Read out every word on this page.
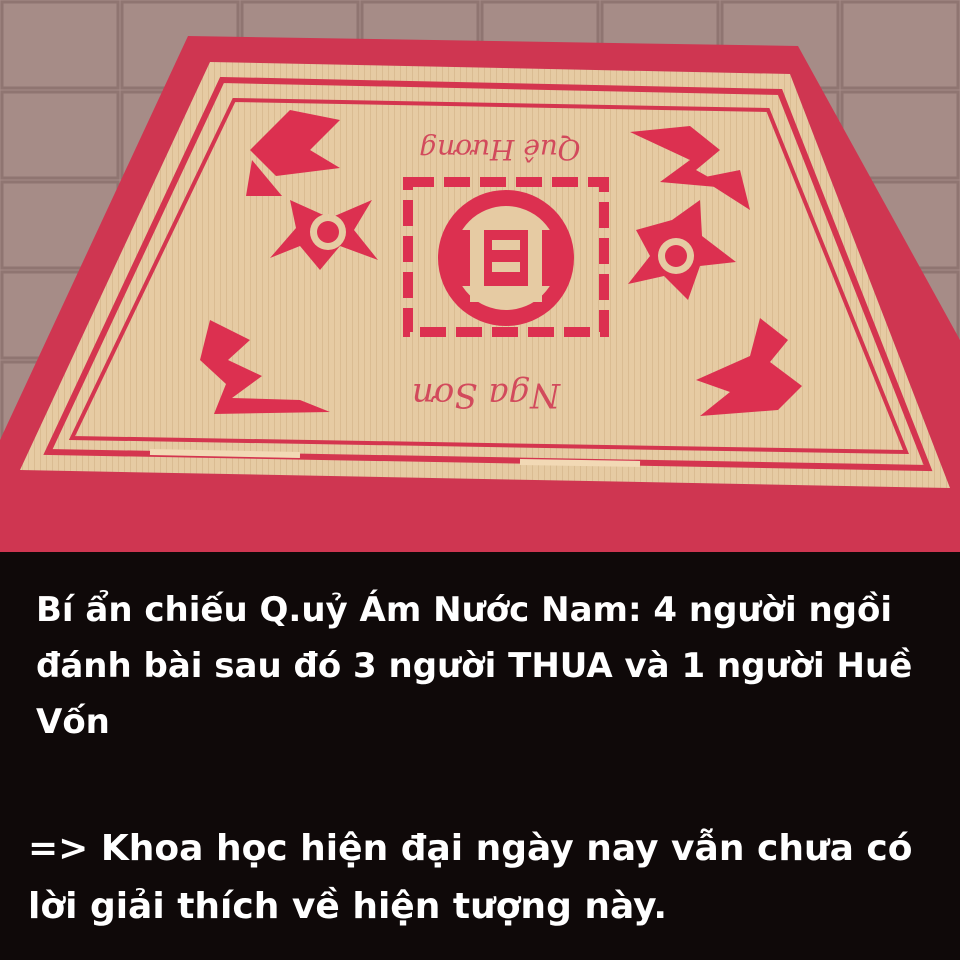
Quê Hương
Nga Sơn

Bí ẩn chiếu Q.uỷ Ám Nước Nam: 4 người ngồi đánh bài sau đó 3 người THUA và 1 người Huề Vốn

=> Khoa học hiện đại ngày nay vẫn chưa có lời giải thích về hiện tượng này.
